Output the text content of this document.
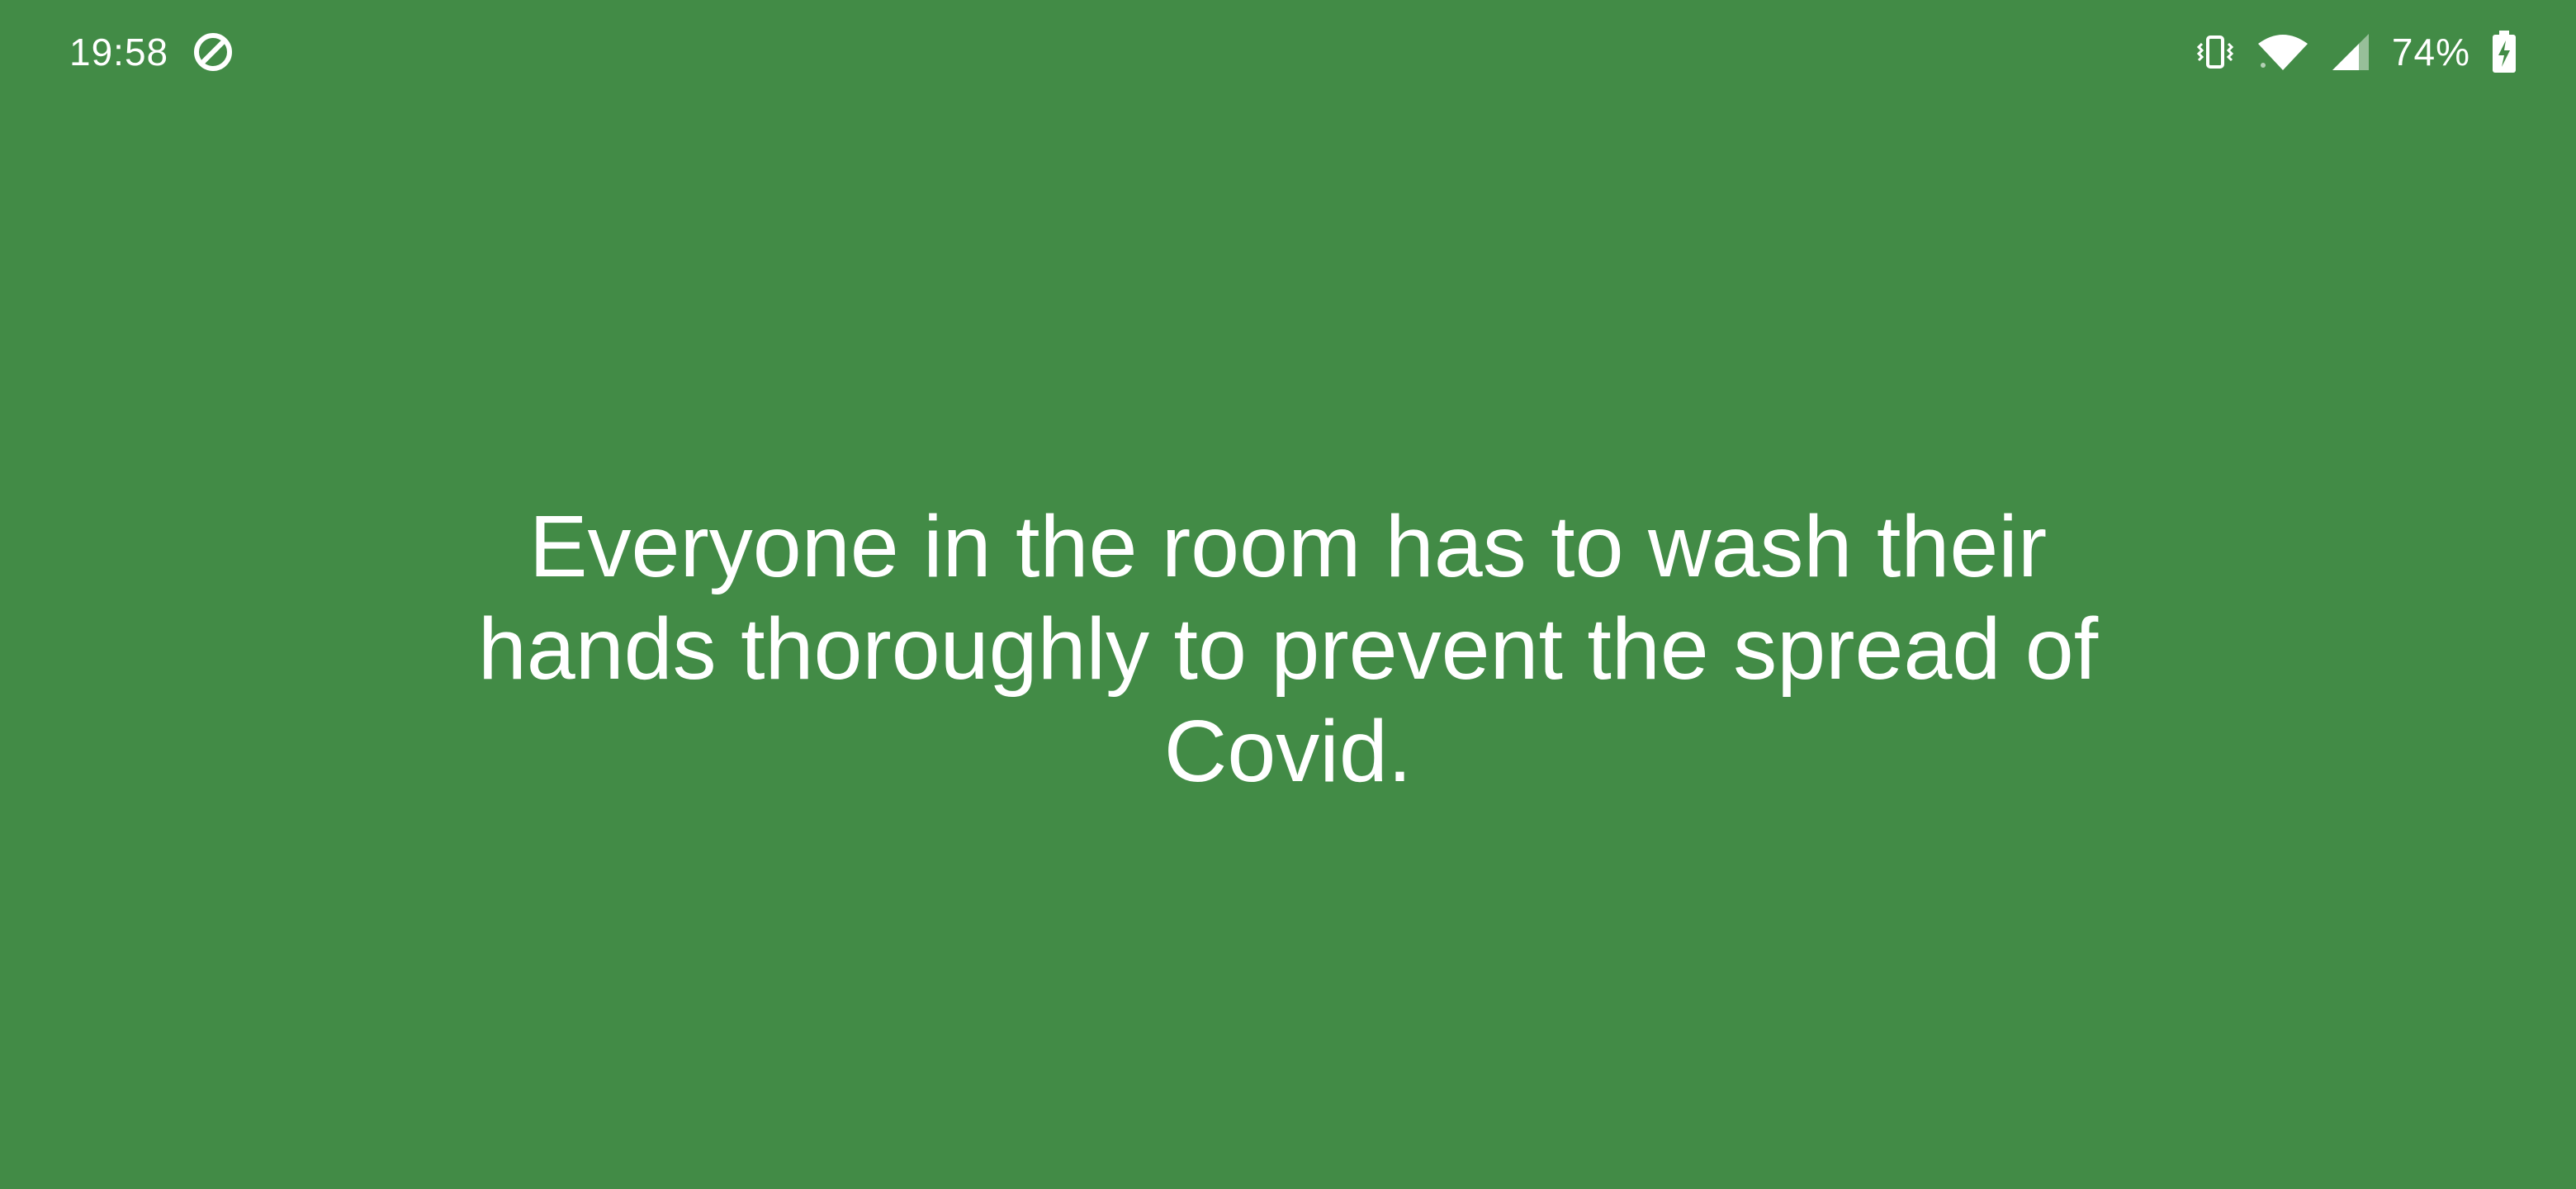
19:58	74%

Everyone in the room has to wash their hands thoroughly to prevent the spread of Covid.
